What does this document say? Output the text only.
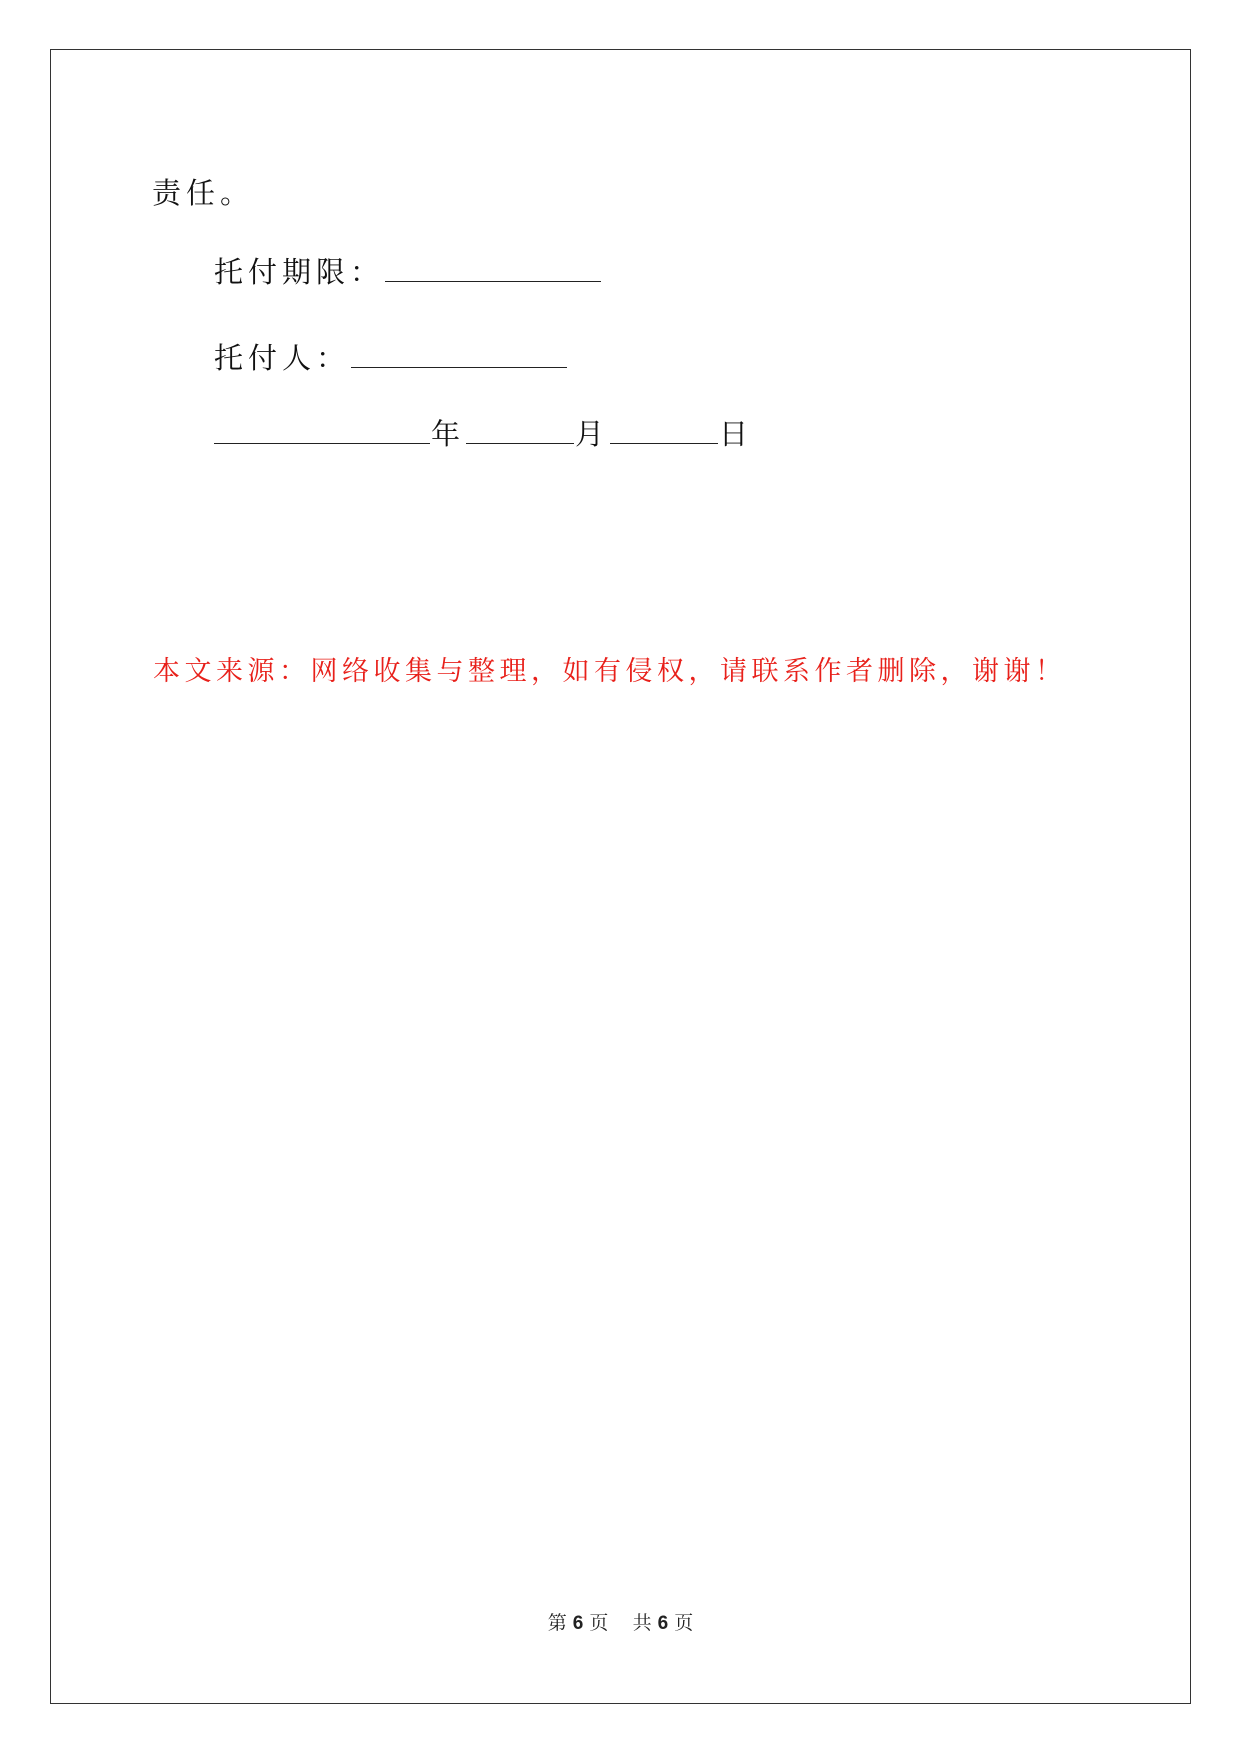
责任。
托付期限：
托付人：
年	月	日
本文来源：网络收集与整理，如有侵权，请联系作者删除，谢谢！
第 6 页 共 6 页
